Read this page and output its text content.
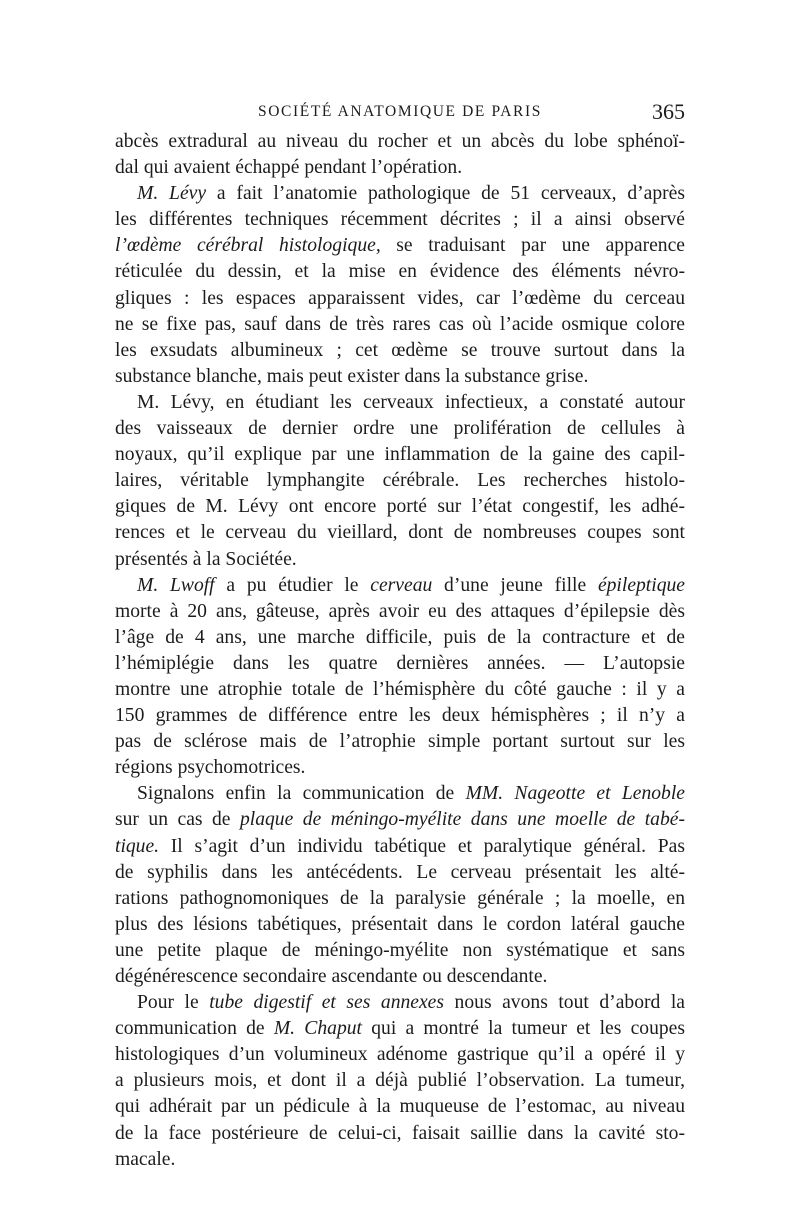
SOCIÉTÉ ANATOMIQUE DE PARIS	365
abcès extradural au niveau du rocher et un abcès du lobe sphénoï-
dal qui avaient échappé pendant l’opération.
M. Lévy a fait l’anatomie pathologique de 51 cerveaux, d’après
les différentes techniques récemment décrites ; il a ainsi observé
l’œdème cérébral histologique, se traduisant par une apparence
réticulée du dessin, et la mise en évidence des éléments névro-
gliques : les espaces apparaissent vides, car l’œdème du cerceau
ne se fixe pas, sauf dans de très rares cas où l’acide osmique colore
les exsudats albumineux ; cet œdème se trouve surtout dans la
substance blanche, mais peut exister dans la substance grise.
M. Lévy, en étudiant les cerveaux infectieux, a constaté autour
des vaisseaux de dernier ordre une prolifération de cellules à
noyaux, qu’il explique par une inflammation de la gaine des capil-
laires, véritable lymphangite cérébrale. Les recherches histolo-
giques de M. Lévy ont encore porté sur l’état congestif, les adhé-
rences et le cerveau du vieillard, dont de nombreuses coupes sont
présentés à la Sociétée.
M. Lwoff a pu étudier le cerveau d’une jeune fille épileptique
morte à 20 ans, gâteuse, après avoir eu des attaques d’épilepsie dès
l’âge de 4 ans, une marche difficile, puis de la contracture et de
l’hémiplégie dans les quatre dernières années. — L’autopsie
montre une atrophie totale de l’hémisphère du côté gauche : il y a
150 grammes de différence entre les deux hémisphères ; il n’y a
pas de sclérose mais de l’atrophie simple portant surtout sur les
régions psychomotrices.
Signalons enfin la communication de MM. Nageotte et Lenoble
sur un cas de plaque de méningo-myélite dans une moelle de tabé-
tique. Il s’agit d’un individu tabétique et paralytique général. Pas
de syphilis dans les antécédents. Le cerveau présentait les alté-
rations pathognomoniques de la paralysie générale ; la moelle, en
plus des lésions tabétiques, présentait dans le cordon latéral gauche
une petite plaque de méningo-myélite non systématique et sans
dégénérescence secondaire ascendante ou descendante.
Pour le tube digestif et ses annexes nous avons tout d’abord la
communication de M. Chaput qui a montré la tumeur et les coupes
histologiques d’un volumineux adénome gastrique qu’il a opéré il y
a plusieurs mois, et dont il a déjà publié l’observation. La tumeur,
qui adhérait par un pédicule à la muqueuse de l’estomac, au niveau
de la face postérieure de celui-ci, faisait saillie dans la cavité sto-
macale.
